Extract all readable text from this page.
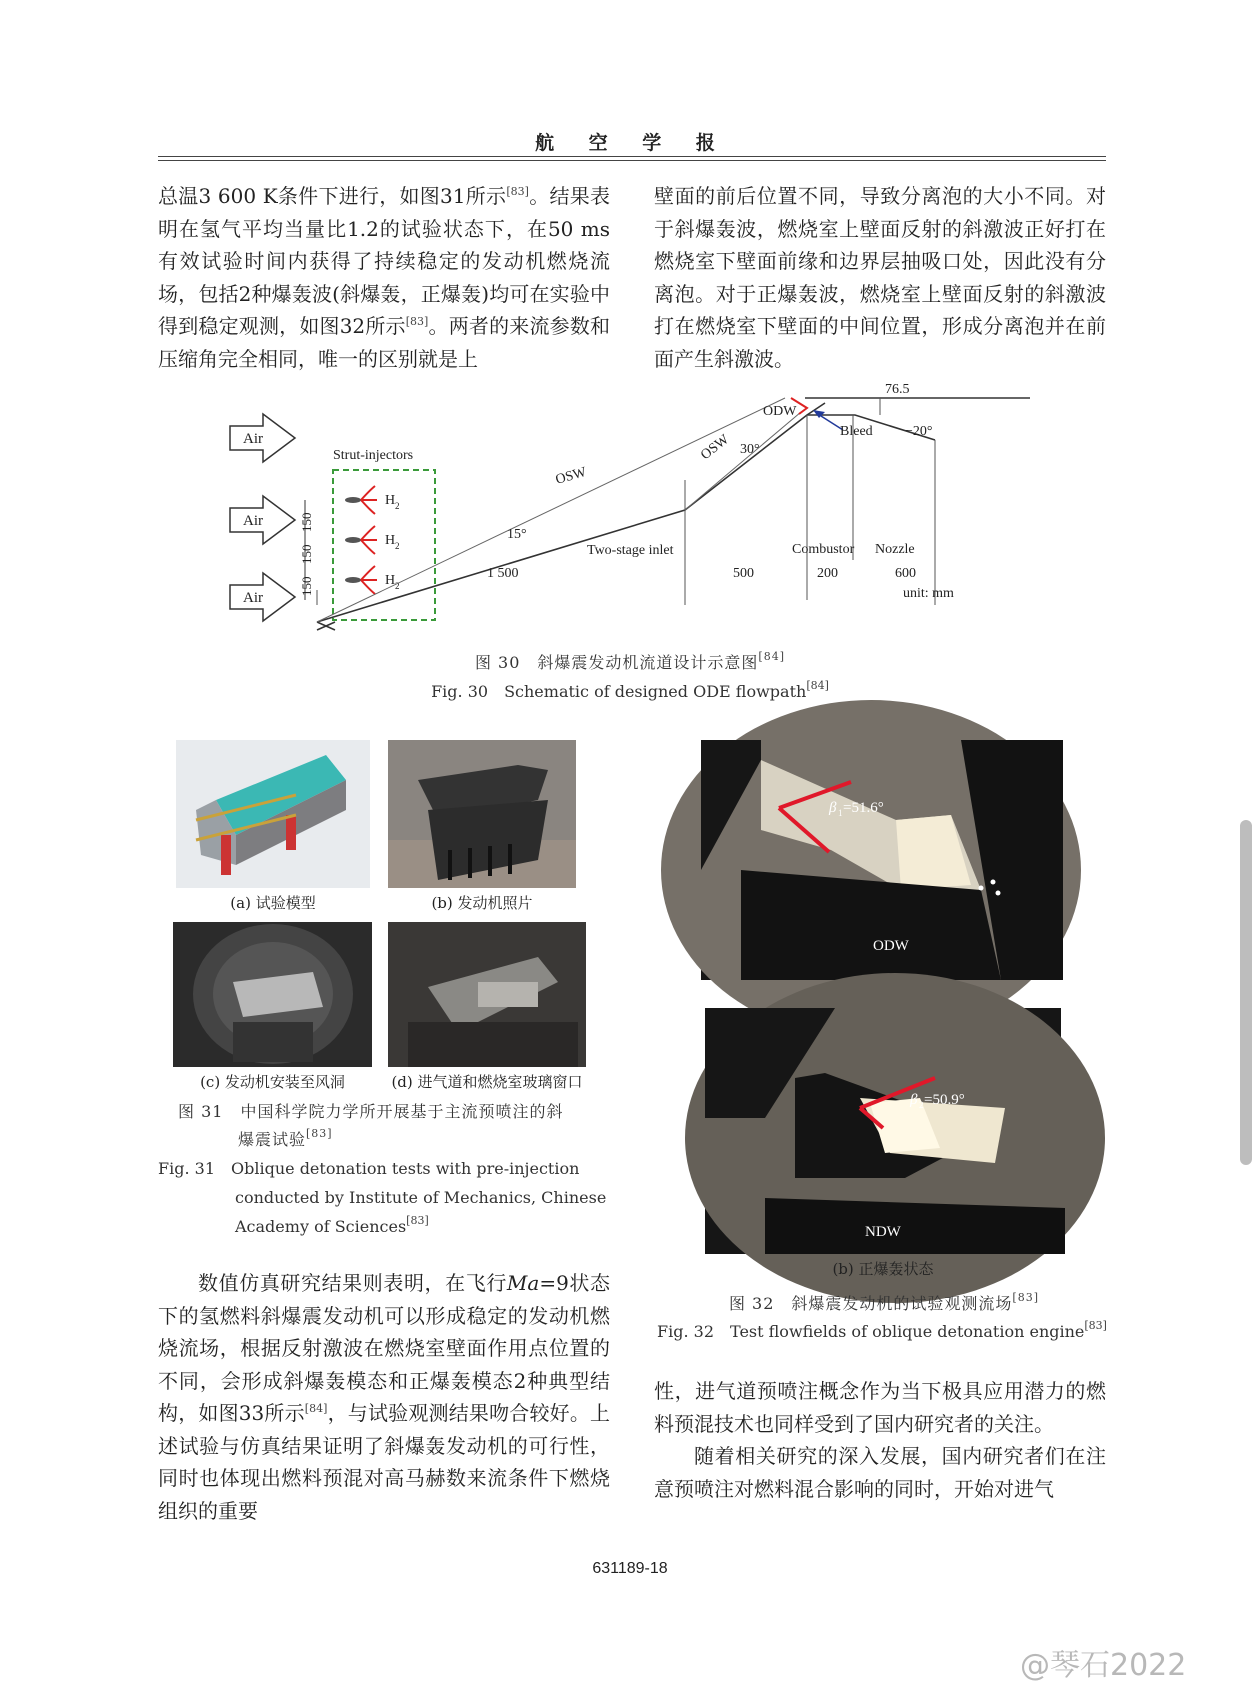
航 空 学 报

总温3 600 K条件下进行，如图31所示[83]。结果表明在氢气平均当量比1.2的试验状态下，在50 ms有效试验时间内获得了持续稳定的发动机燃烧流场，包括2种爆轰波(斜爆轰，正爆轰)均可在实验中得到稳定观测，如图32所示[83]。两者的来流参数和压缩角完全相同，唯一的区别就是上

壁面的前后位置不同，导致分离泡的大小不同。对于斜爆轰波，燃烧室上壁面反射的斜激波正好打在燃烧室下壁面前缘和边界层抽吸口处，因此没有分离泡。对于正爆轰波，燃烧室上壁面反射的斜激波打在燃烧室下壁面的中间位置，形成分离泡并在前面产生斜激波。

Air
Air
Air
Strut-injectors
150
150
150
H 2
H 2
H 2
OSW
OSW
ODW
Bleed
30°
15°
−20°
76.5
Two-stage inlet	Combustor Nozzle
1 500	500	200	600
unit: mm
图 30　斜爆震发动机流道设计示意图[84]
Fig. 30　Schematic of designed ODE flowpath[84]
(a) 试验模型	(b) 发动机照片
(c) 发动机安装至风洞	(d) 进气道和燃烧室玻璃窗口
图 31　中国科学院力学所开展基于主流预喷注的斜
爆震试验[83]
Fig. 31　Oblique detonation tests with pre-injection
conducted by Institute of Mechanics, Chinese
Academy of Sciences[83]
β 1 =51.6°
ODW
β 2 =50.9°
NDW
(b) 正爆轰状态
图 32　斜爆震发动机的试验观测流场[83]
Fig. 32　Test flowfields of oblique detonation engine[83]

数值仿真研究结果则表明，在飞行Ma=9状态下的氢燃料斜爆震发动机可以形成稳定的发动机燃烧流场，根据反射激波在燃烧室壁面作用点位置的不同，会形成斜爆轰模态和正爆轰模态2种典型结构，如图33所示[84]，与试验观测结果吻合较好。上述试验与仿真结果证明了斜爆轰发动机的可行性，同时也体现出燃料预混对高马赫数来流条件下燃烧组织的重要

性，进气道预喷注概念作为当下极具应用潜力的燃料预混技术也同样受到了国内研究者的关注。

随着相关研究的深入发展，国内研究者们在注意预喷注对燃料混合影响的同时，开始对进气

631189-18
@琴石2022
